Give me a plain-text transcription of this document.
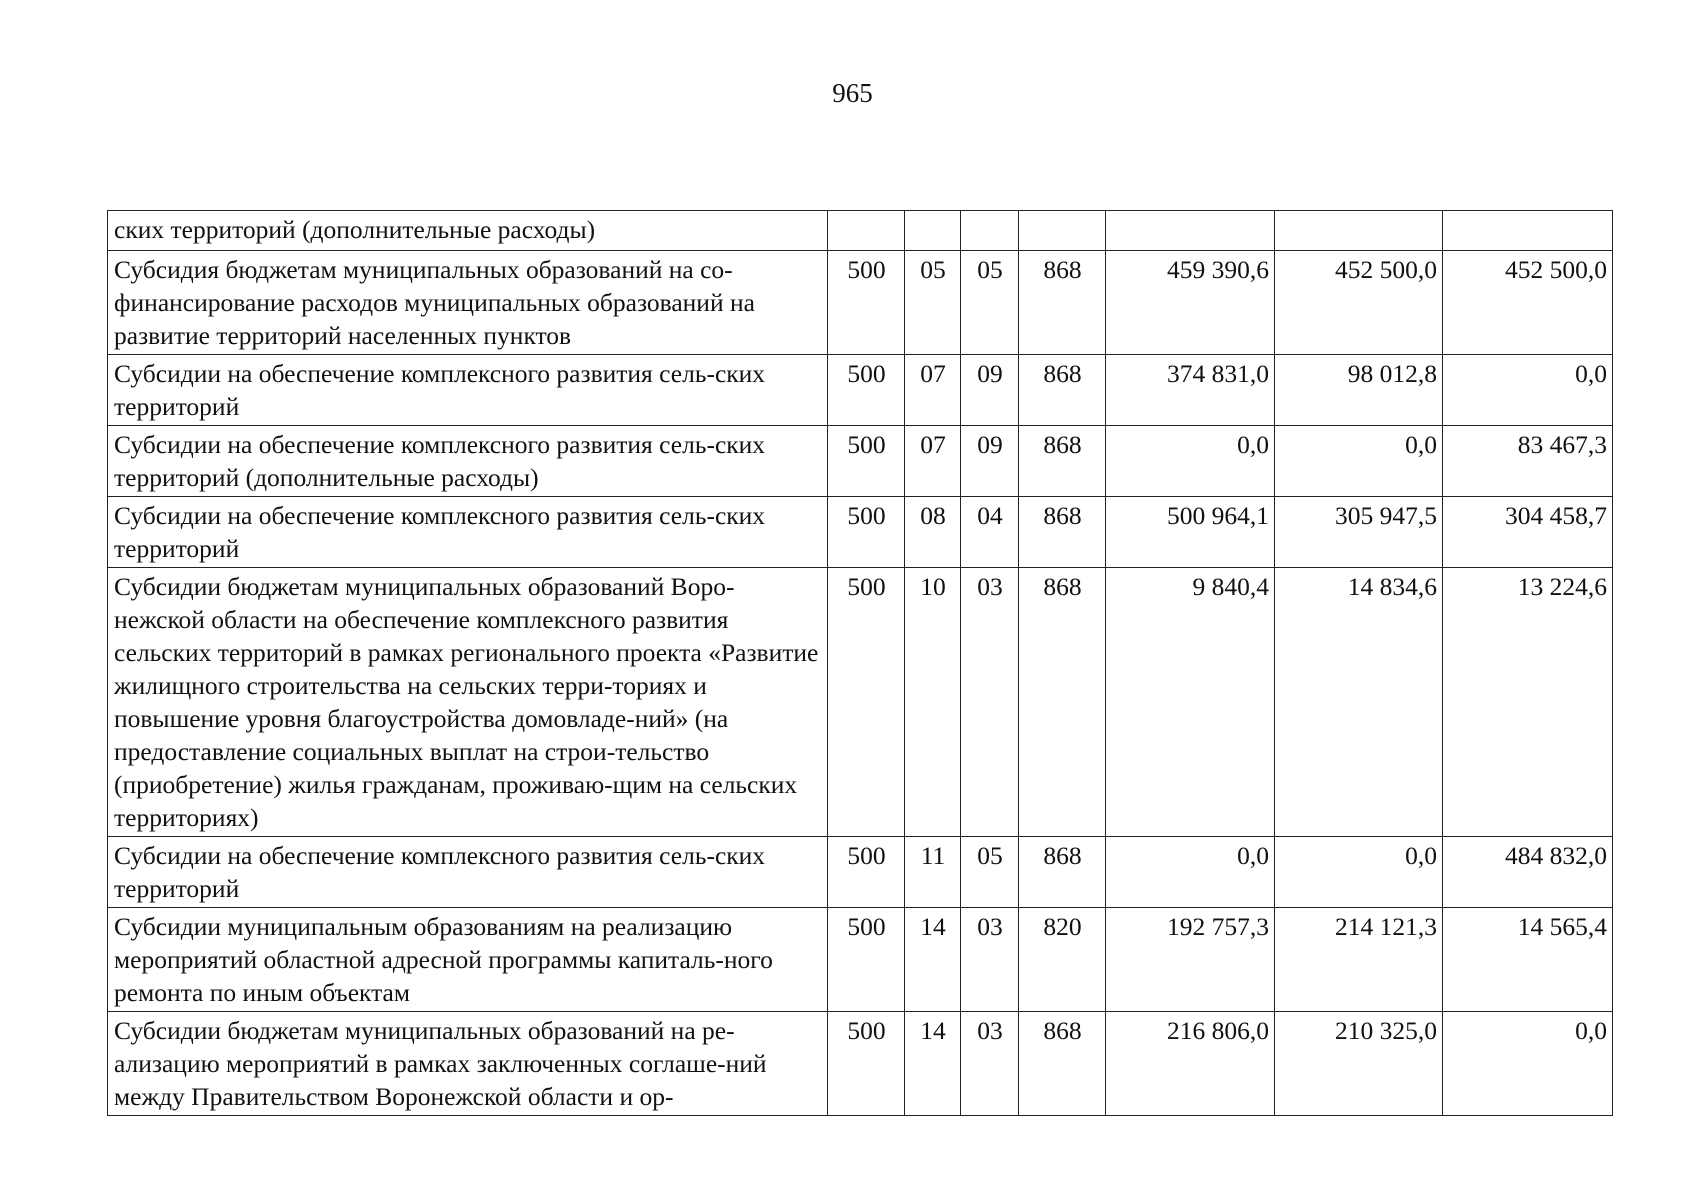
965
ских территорий (дополнительные расходы)							
Субсидия бюджетам муниципальных образований на со-финансирование расходов муниципальных образований на развитие территорий населенных пунктов	500	05	05	868	459 390,6	452 500,0	452 500,0
Субсидии на обеспечение комплексного развития сель-ских территорий	500	07	09	868	374 831,0	98 012,8	0,0
Субсидии на обеспечение комплексного развития сель-ских территорий (дополнительные расходы)	500	07	09	868	0,0	0,0	83 467,3
Субсидии на обеспечение комплексного развития сель-ских территорий	500	08	04	868	500 964,1	305 947,5	304 458,7
Субсидии бюджетам муниципальных образований Воро-нежской области на обеспечение комплексного развития сельских территорий в рамках регионального проекта «Развитие жилищного строительства на сельских терри-ториях и повышение уровня благоустройства домовладе-ний» (на предоставление социальных выплат на строи-тельство (приобретение) жилья гражданам, проживаю-щим на сельских территориях)	500	10	03	868	9 840,4	14 834,6	13 224,6
Субсидии на обеспечение комплексного развития сель-ских территорий	500	11	05	868	0,0	0,0	484 832,0
Субсидии муниципальным образованиям на реализацию мероприятий областной адресной программы капиталь-ного ремонта по иным объектам	500	14	03	820	192 757,3	214 121,3	14 565,4
Субсидии бюджетам муниципальных образований на ре-ализацию мероприятий в рамках заключенных соглаше-ний между Правительством Воронежской области и ор-	500	14	03	868	216 806,0	210 325,0	0,0
